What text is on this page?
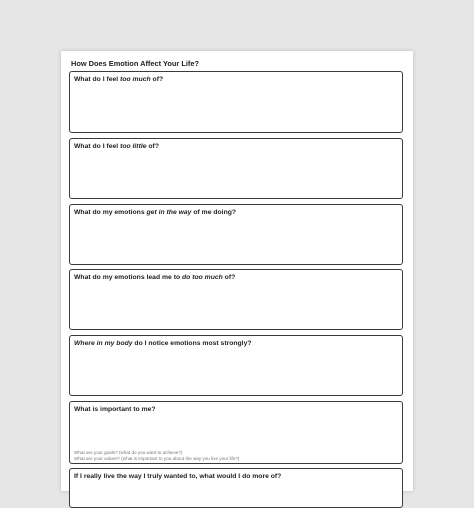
How Does Emotion Affect Your Life?
What do I feel too much of?
What do I feel too little of?
What do my emotions get in the way of me doing?
What do my emotions lead me to do too much of?
Where in my body do I notice emotions most strongly?
What is important to me?
What are your goals? (what do you want to achieve?)
What are your values? (what is important to you about the way you live your life?)
If I really live the way I truly wanted to, what would I do more of?
